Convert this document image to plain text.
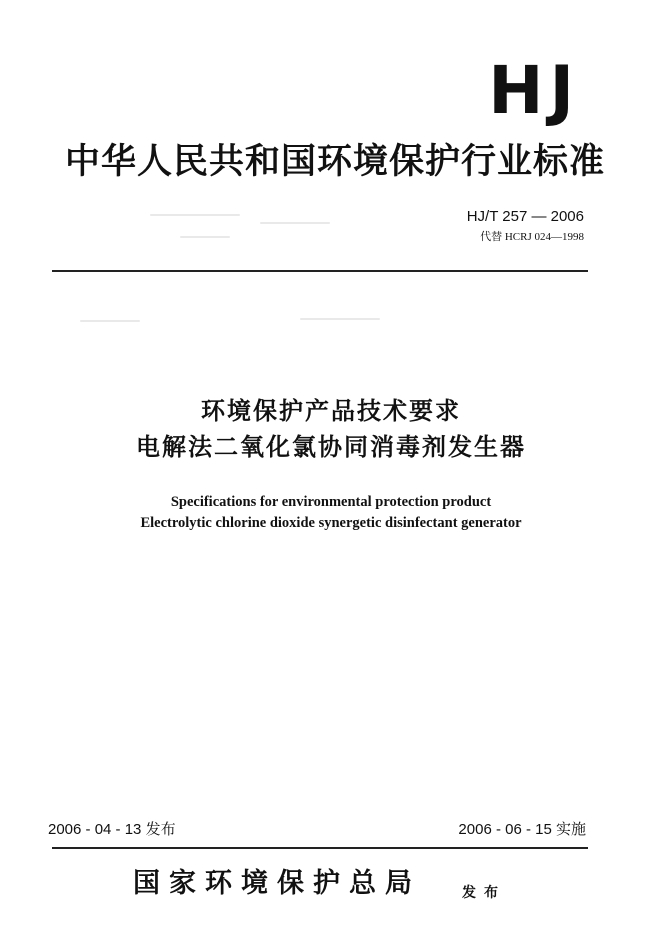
HJ
中华人民共和国环境保护行业标准
HJ/T 257 — 2006
代替 HCRJ 024—1998
环境保护产品技术要求
电解法二氧化氯协同消毒剂发生器
Specifications for environmental protection product
Electrolytic chlorine dioxide synergetic disinfectant generator
2006 - 04 - 13 发布	2006 - 06 - 15 实施
国家环境保护总局	发布
